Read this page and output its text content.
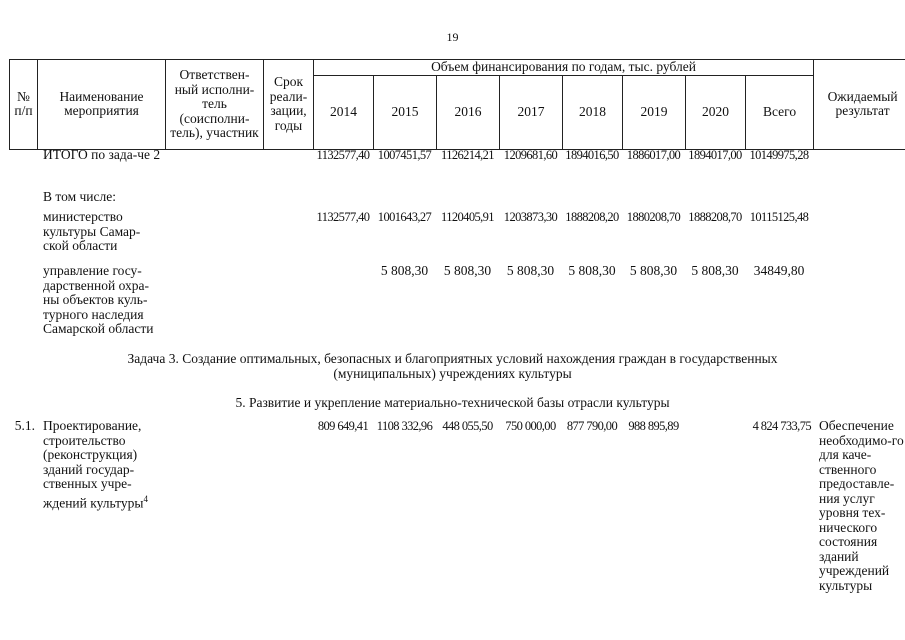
19
№ п/п	Наименование мероприятия	Ответствен-ный исполни-тель (соисполни-тель), участник	Срок реали-зации, годы	Объем финансирования по годам, тыс. рублей								Ожидаемый результат
				2014	2015	2016	2017	2018	2019	2020	Всего	
	ИТОГО по зада-че 2			1132577,40	1007451,57	1126214,21	1209681,60	1894016,50	1886017,00	1894017,00	10149975,28	
	В том числе:											
	министерство культуры Самар-ской области			1132577,40	1001643,27	1120405,91	1203873,30	1888208,20	1880208,70	1888208,70	10115125,48	
	управление госу-дарственной охра-ны объектов куль-турного наследия Самарской области				5 808,30	5 808,30	5 808,30	5 808,30	5 808,30	5 808,30	34849,80	
Задача 3. Создание оптимальных, безопасных и благоприятных условий нахождения граждан в государственных (муниципальных) учреждениях культуры
5. Развитие и укрепление материально-технической базы отрасли культуры
5.1.	Проектирование, строительство (реконструкция) зданий государ-ственных учре-ждений культуры$^4$			809 649,41	1108 332,96	448 055,50	750 000,00	877 790,00	988 895,89		4 824 733,75	Обеспечение необходимо-го для каче-ственного предоставле-ния услуг уровня тех-нического состояния зданий учреждений культуры
